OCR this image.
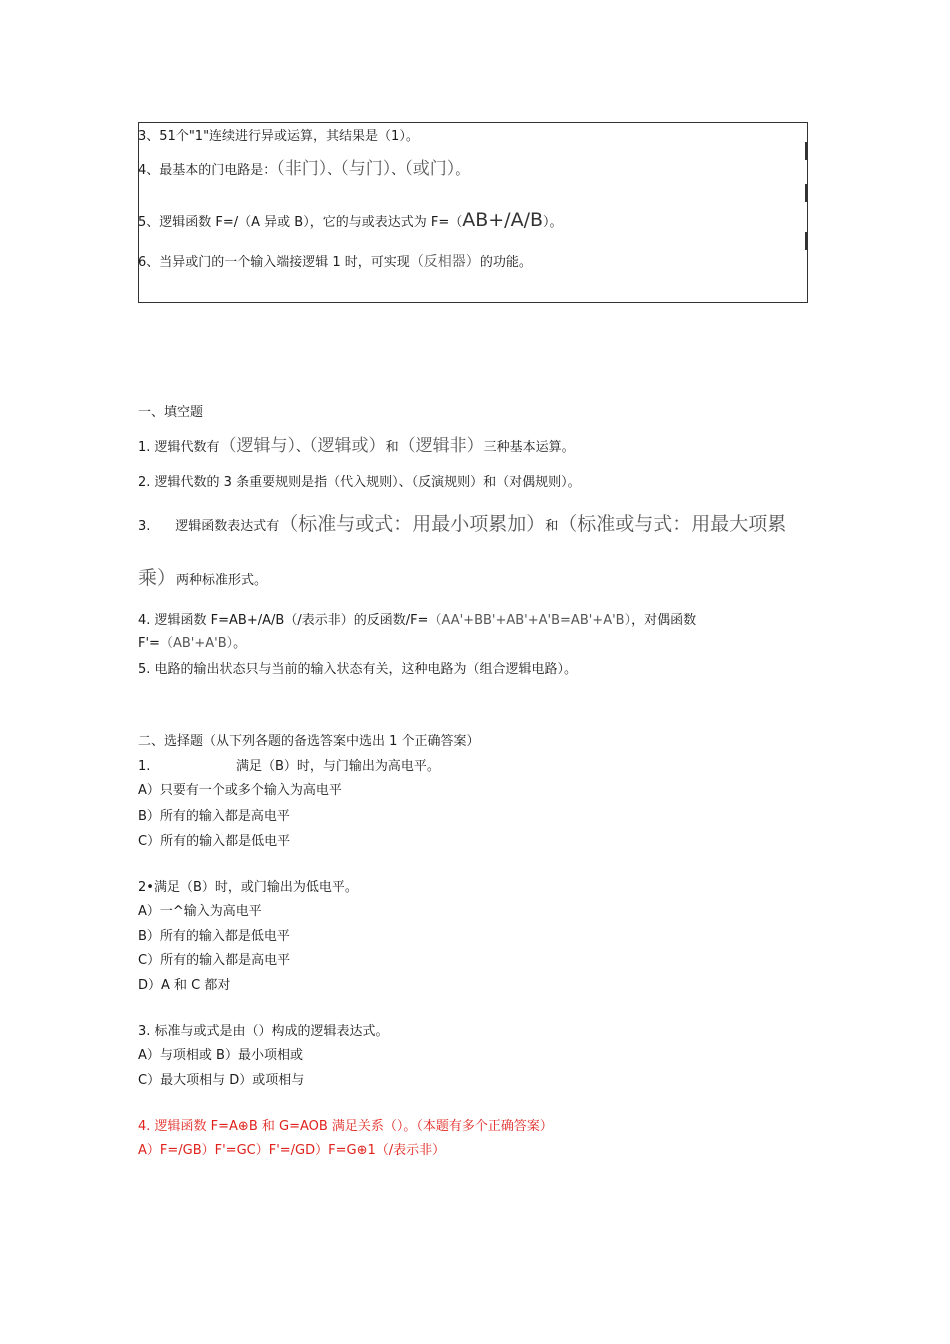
3、51个"1"连续进行异或运算，其结果是（1）。
4、最基本的门电路是：（非门）、（与门）、（或门）。
5、逻辑函数 F=/（A 异或 B），它的与或表达式为 F=（AB+/A/B）。
6、当异或门的一个输入端接逻辑 1 时，可实现（反相器）的功能。
一、填空题
1. 逻辑代数有（逻辑与）、（逻辑或）和（逻辑非）三种基本运算。
2. 逻辑代数的 3 条重要规则是指（代入规则）、（反演规则）和（对偶规则）。
3.      逻辑函数表达式有（标准与或式：用最小项累加）和（标准或与式：用最大项累
乘）两种标准形式。
4. 逻辑函数 F=AB+/A/B（/表示非）的反函数/F=（AA'+BB'+AB'+A'B=AB'+A'B），对偶函数
F'=（AB'+A'B）。
5. 电路的输出状态只与当前的输入状态有关，这种电路为（组合逻辑电路）。
二、选择题（从下列各题的备选答案中选出 1 个正确答案）
1.	满足（B）时，与门输出为高电平。
A）只要有一个或多个输入为高电平
B）所有的输入都是高电平
C）所有的输入都是低电平
2•满足（B）时，或门输出为低电平。
A）一^输入为高电平
B）所有的输入都是低电平
C）所有的输入都是高电平
D）A 和 C 都对
3. 标准与或式是由（）构成的逻辑表达式。
A）与项相或 B）最小项相或
C）最大项相与 D）或项相与
4. 逻辑函数 F=A⊕B 和 G=AOB 满足关系（）。（本题有多个正确答案）
A）F=/GB）F'=GC）F'=/GD）F=G⊕1（/表示非）
